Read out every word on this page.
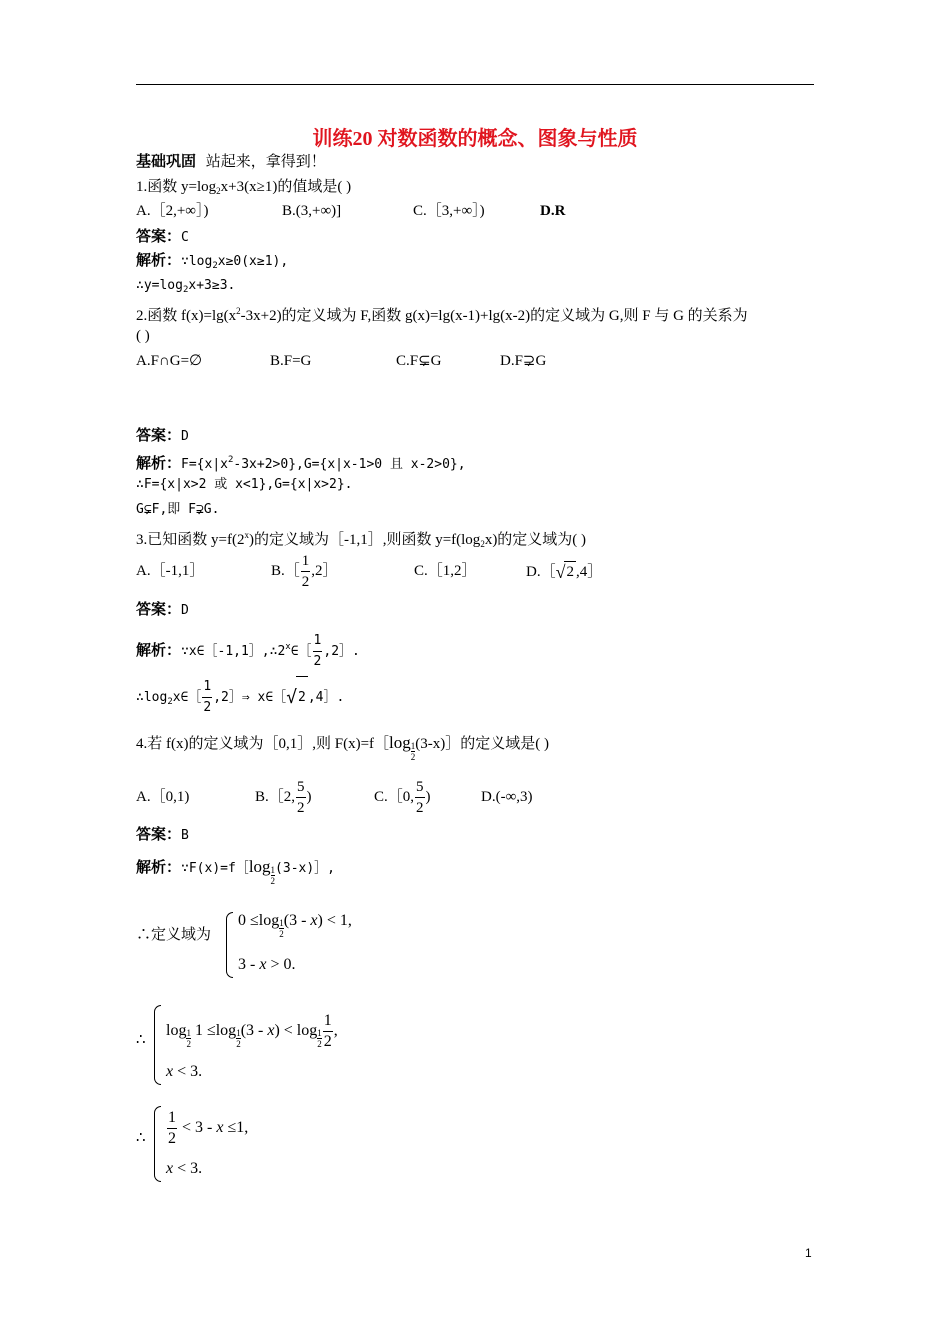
训练20 对数函数的概念、图象与性质
基础巩固 站起来，拿得到！
1.函数 $y=\log_2x+3(x\ge 1)$的值域是( )
A.［2,+∞］)	B.(3,+∞)]	C.［3,+∞］)	D.R
答案：C
解析：$\because\log_2x\ge 0(x\ge 1)$,
$\therefore y=\log_2x+3\ge 3$.
2.函数 $f(x)=\lg(x^2-3x+2)$的定义域为 F,函数 g(x)=lg(x-1)+lg(x-2)的定义域为 G,则 F 与 G 的关系为
( )
A.F∩G=∅	B.F=G	C.F⊊G	D.F⊋G
答案：D
解析：$F=\{x|x^2-3x+2>0\},G=\{x|x-1>0$ 且 x-2>0},
∴F={x|x>2 或 x<1},G={x|x>2}.
G⊊F,即 F⊋G.
3.已知函数 $y=f(2^x)$的定义域为［-1,1］,则函数 $y=f(\log_2x)$的定义域为( )
A.［-1,1］	B.［ $\frac{1}{2}$ ,2］	C.［1,2］	D.［√2 ,4］
答案：D
解析：∵x∈［-1,1］,∴2$^x$∈［ $\frac{1}{2}$ ,2］.
$\therefore\log_2x\in[ \frac{1}{2}$ ,2］⇒ x∈［√2 ,4］.
4.若 f(x)的定义域为［0,1］,则 F(x)=f［log $\frac{1}{2}(3-x)]$的定义域是( )
A.［0,1)	B.［2, $\frac{5}{2}$ )	C.［0, $\frac{5}{2}$ )	D.(-∞,3)
答案：B
解析：∵F(x)=f［log $\frac{1}{2}(3-x)]$,
∴定义域为
$0 \le\log \frac{1}{2}(3 - x) < 1$,
3 - x > 0.
∴
$\log \frac{1}{2} 1 \le\log \frac{1}{2}(3 - x) < \log \frac{1}{2} \frac{1}{2}$ ,
x < 3.
∴ $\frac{1}{2} < 3 - x \le 1$,
x < 3.
1
